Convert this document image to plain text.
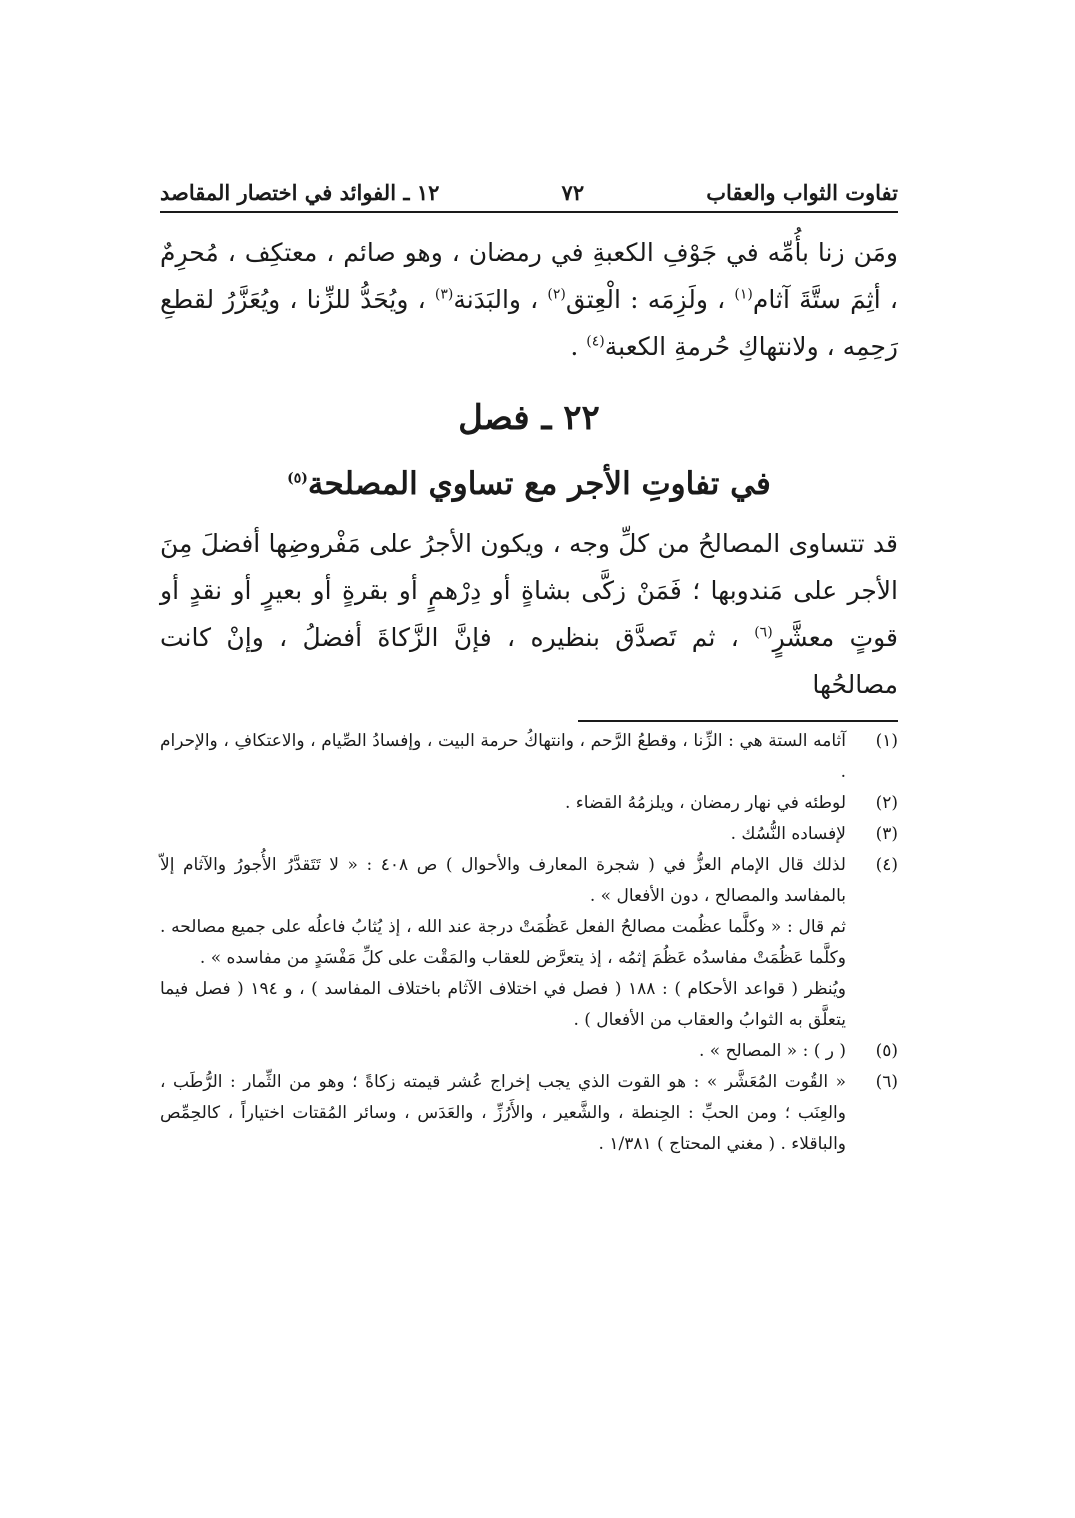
تفاوت الثواب والعقاب
٧٢
١٢ ـ الفوائد في اختصار المقاصد

ومَن زنا بأُمِّه في جَوْفِ الكعبةِ في رمضان ، وهو صائم ، معتكِف ، مُحرِمٌ ، أثِمَ ستَّةَ آثام$^{(١)}$ ، ولَزِمَه : الْعِتق$^{(٢)}$ ، والبَدَنة$^{(٣)}$ ، ويُحَدُّ للزِّنا ، ويُعَزَّرُ لقطعِ رَحِمِه ، ولانتهاكِ حُرمةِ الكعبة$^{(٤)}$ .

٢٢ ـ فصل
في تفاوتِ الأجر مع تساوي المصلحة$^{(٥)}$

قد تتساوى المصالحُ من كلِّ وجه ، ويكون الأجرُ على مَفْروضِها أفضلَ مِنَ الأجر على مَندوبها ؛ فَمَنْ زكَّى بشاةٍ أو دِرْهمٍ أو بقرةٍ أو بعيرٍ أو نقدٍ أو قوتٍ معشَّرٍ$^{(٦)}$ ، ثم تَصدَّق بنظيره ، فإنَّ الزَّكاةَ أفضلُ ، وإنْ كانت مصالحُها

(١)

آثامه الستة هي : الزِّنا ، وقطعُ الرَّحم ، وانتهاكُ حرمة البيت ، وإفسادُ الصِّيام ، والاعتكافِ ، والإحرام .

(٢)

لوطئه في نهار رمضان ، ويلزمُهُ القضاء .

(٣)

لإفساده النُّسُك .

(٤)

لذلك قال الإمام العزُّ في ( شجرة المعارف والأحوال ) ص ٤٠٨ : « لا تَتَقدَّرُ الأُجورُ والآثام إلاّ بالمفاسد والمصالح ، دون الأفعال » .

ثم قال : « وكلَّما عظُمت مصالحُ الفعل عَظُمَتْ درجة عند الله ، إذ يُثابُ فاعلُه على جميع مصالحه . وكلَّما عَظُمَتْ مفاسدُه عَظُمَ إثمُه ، إذ يتعرَّض للعقاب والمَقْت على كلِّ مَفْسَدٍ من مفاسده » .

ويُنظر ( قواعد الأحكام ) : ١٨٨ ( فصل في اختلاف الآثام باختلاف المفاسد ) ، و ١٩٤ ( فصل فيما يتعلَّق به الثوابُ والعقاب من الأفعال ) .

(٥)

( ر ) : « المصالح » .

(٦)

« القُوت المُعَشَّر » : هو القوت الذي يجب إخراج عُشر قيمته زكاةً ؛ وهو من الثِّمار : الرُّطَب ، والعِنَب ؛ ومن الحبِّ : الحِنطة ، والشَّعير ، والأَرُزِّ ، والعَدَس ، وسائر المُقتات اختياراً ، كالحِمِّص والباقلاء . ( مغني المحتاج ) ١/٣٨١ .
